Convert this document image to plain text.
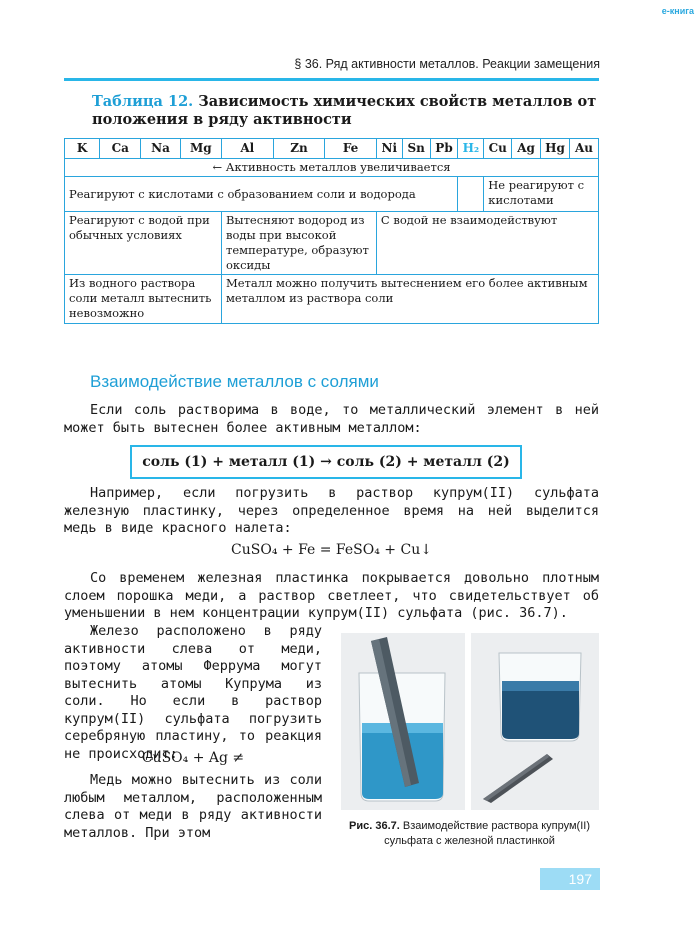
e-книга
§ 36. Ряд активности металлов. Реакции замещения
Таблица 12. Зависимость химических свойств металлов от положения в ряду активности
K	Ca	Na	Mg	Al	Zn	Fe	Ni	Sn	Pb	H₂	Cu	Ag	Hg	Au
← Активность металлов увеличивается														
Реагируют с кислотами с образованием соли и водорода											Не реагируют с кислотами			
Реагируют с водой при обычных условиях				Вытесняют водород из воды при высокой температуре, образуют оксиды			С водой не взаимодействуют							
Из водного раствора соли металл вытеснить невозможно				Металл можно получить вытеснением его более активным металлом из раствора соли										
Взаимодействие металлов с солями
Если соль растворима в воде, то металлический элемент в ней может быть вытеснен более активным металлом:
соль (1) + металл (1) → соль (2) + металл (2)
Например, если погрузить в раствор купрум(II) сульфата железную пластинку, через определенное время на ней выделится медь в виде красного налета:
CuSO₄ + Fe = FeSO₄ + Cu↓
Со временем железная пластинка покрывается довольно плотным слоем порошка меди, а раствор светлеет, что свидетельствует об уменьшении в нем концентрации купрум(II) сульфата (рис. 36.7).
Железо расположено в ряду активности слева от меди, поэтому атомы Феррума могут вытеснить атомы Купрума из соли. Но если в раствор купрум(II) сульфата погрузить серебряную пластину, то реакция не происходит:
CuSO₄ + Ag ≠
Медь можно вытеснить из соли любым металлом, расположенным слева от меди в ряду активности металлов. При этом	Рис. 36.7. Взаимодействие раствора купрум(II) сульфата с железной пластинкой
197
